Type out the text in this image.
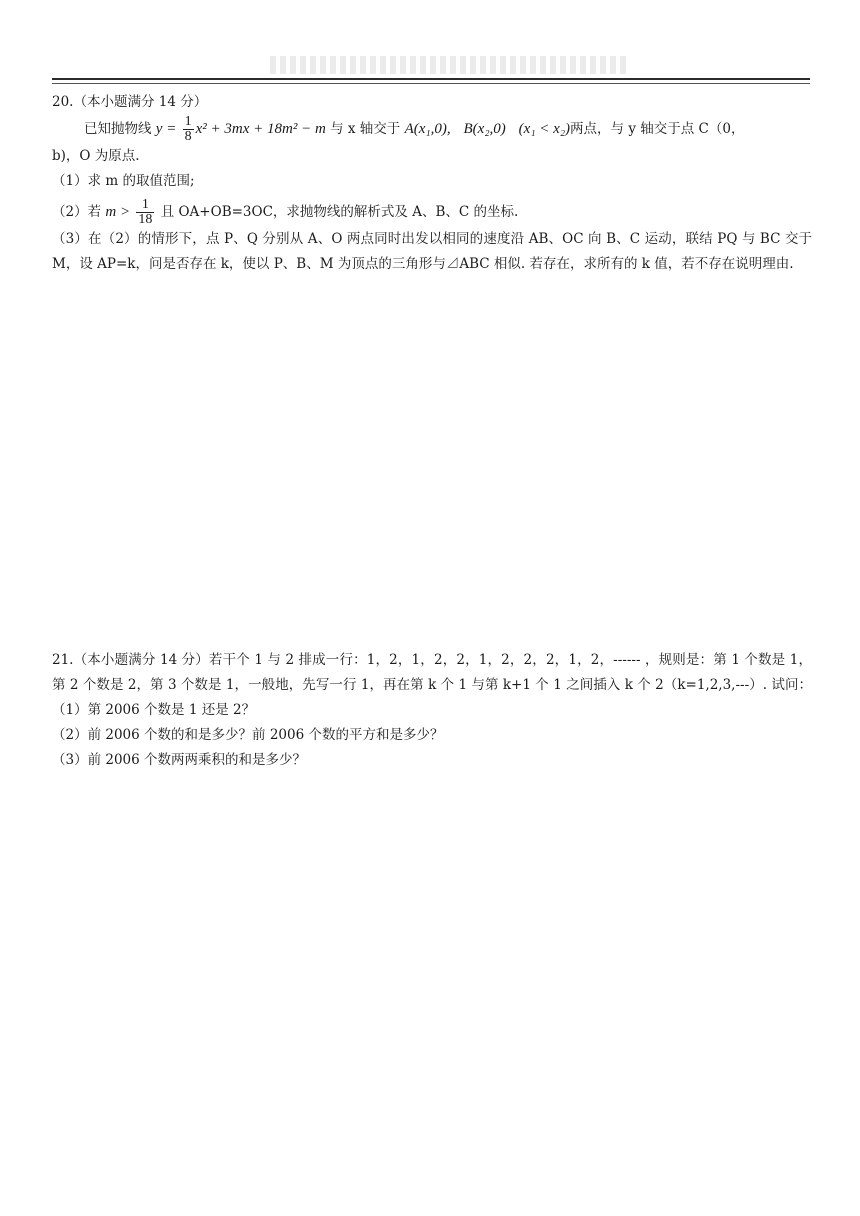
20.（本小题满分 14 分）

已知抛物线 $y = \frac{1}{8} x^2 + 3mx + 18m^2 - m$ 与 x 轴交于 A(x₁,0), B(x₂,0) (x₁ < x₂)两点，与 y 轴交于点 C（0，

b)，O 为原点.

（1）求 m 的取值范围;

（2）若 $m > \frac{1}{18}$ 且 OA+OB=3OC，求抛物线的解析式及 A、B、C 的坐标.

（3）在（2）的情形下，点 P、Q 分别从 A、O 两点同时出发以相同的速度沿 AB、OC 向 B、C 运动，联结 PQ 与 BC 交于 M，设 AP=k，问是否存在 k，使以 P、B、M 为顶点的三角形与⊿ABC 相似. 若存在，求所有的 k 值，若不存在说明理由.

21.（本小题满分 14 分）若干个 1 与 2 排成一行：1，2，1，2，2，1，2，2，2，1，2，------ ，规则是：第 1 个数是 1，第 2 个数是 2，第 3 个数是 1，一般地，先写一行 1，再在第 k 个 1 与第 k+1 个 1 之间插入 k 个 2（k=1,2,3,---）. 试问：（1）第 2006 个数是 1 还是 2？

（2）前 2006 个数的和是多少？前 2006 个数的平方和是多少？

（3）前 2006 个数两两乘积的和是多少？
